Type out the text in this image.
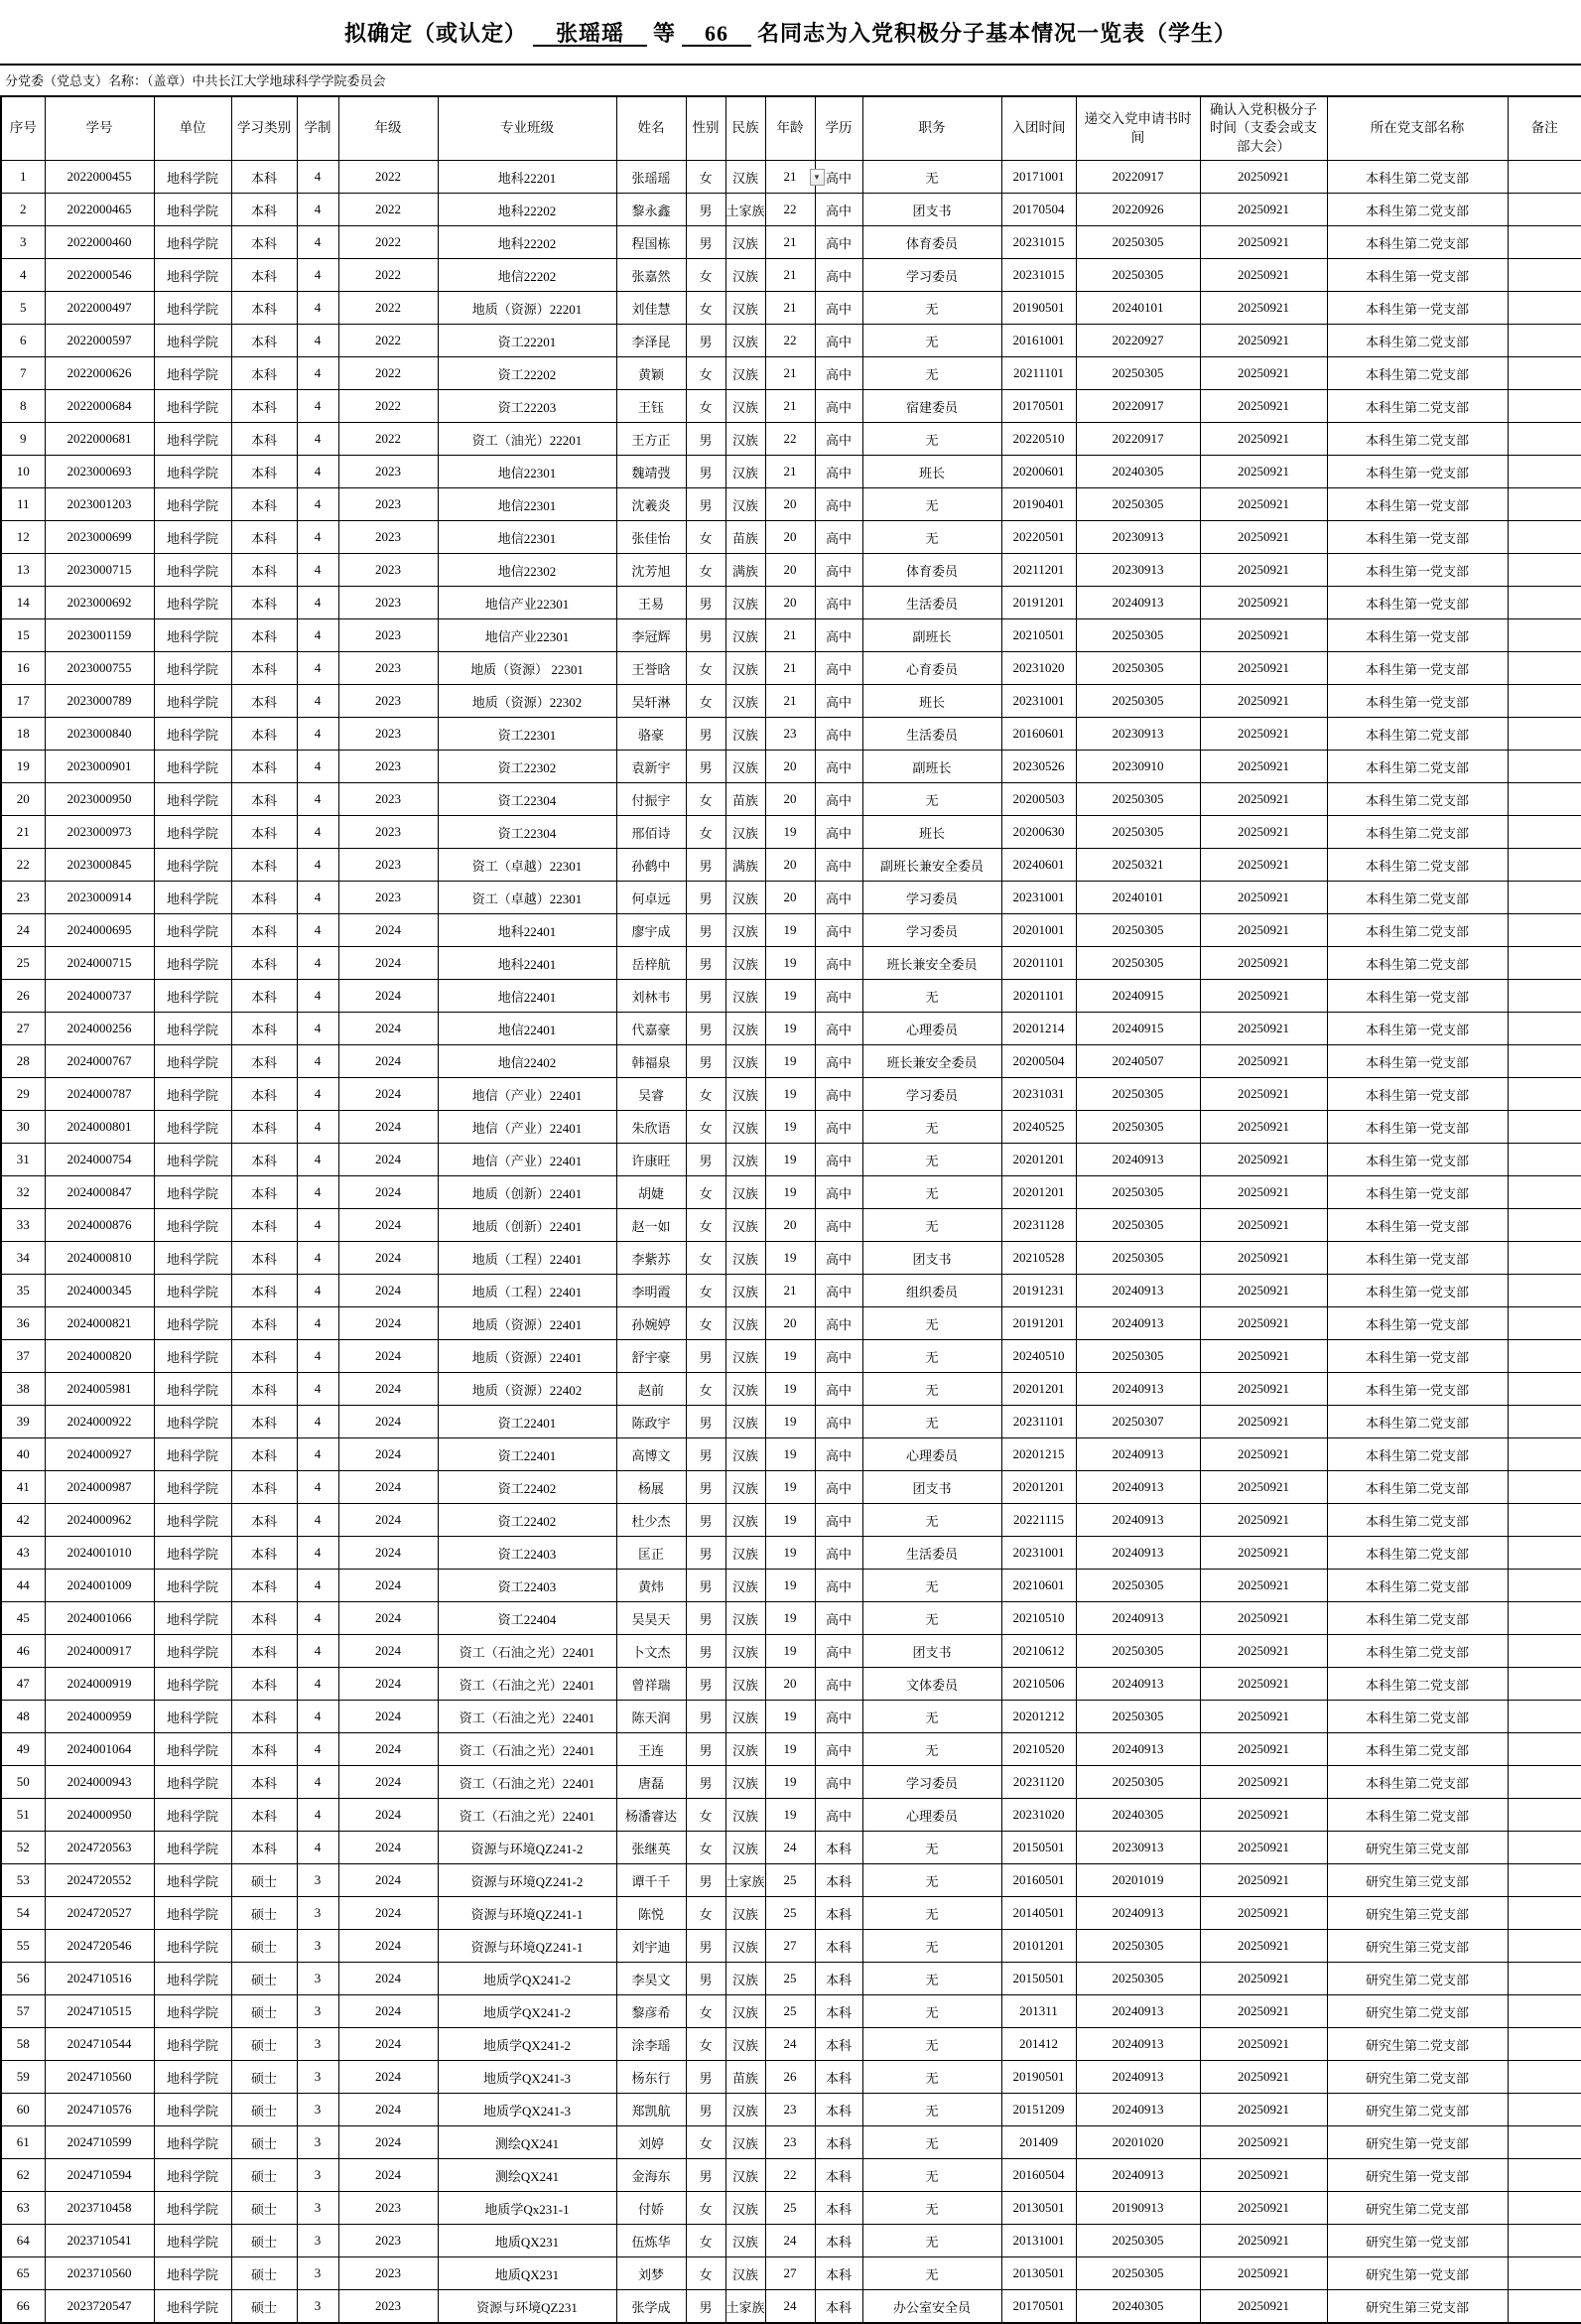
拟确定（或认定） 　张瑶瑶　 等 　66　 名同志为入党积极分子基本情况一览表（学生）
分党委（党总支）名称：（盖章）中共长江大学地球科学学院委员会
序号	学号	单位	学习类别	学制	年级	专业班级	姓名	性别	民族	年龄	学历	职务	入团时间	递交入党申请书时间	确认入党积极分子时间（支委会或支部大会）	所在党支部名称	备注
1	2022000455	地科学院	本科	4	2022	地科22201	张瑶瑶	女	汉族	21 ▼	高中	无	20171001	20220917	20250921	本科生第二党支部	
2	2022000465	地科学院	本科	4	2022	地科22202	黎永鑫	男	土家族	22	高中	团支书	20170504	20220926	20250921	本科生第二党支部	
3	2022000460	地科学院	本科	4	2022	地科22202	程国栋	男	汉族	21	高中	体育委员	20231015	20250305	20250921	本科生第二党支部	
4	2022000546	地科学院	本科	4	2022	地信22202	张嘉然	女	汉族	21	高中	学习委员	20231015	20250305	20250921	本科生第一党支部	
5	2022000497	地科学院	本科	4	2022	地质（资源）22201	刘佳慧	女	汉族	21	高中	无	20190501	20240101	20250921	本科生第一党支部	
6	2022000597	地科学院	本科	4	2022	资工22201	李泽昆	男	汉族	22	高中	无	20161001	20220927	20250921	本科生第二党支部	
7	2022000626	地科学院	本科	4	2022	资工22202	黄颖	女	汉族	21	高中	无	20211101	20250305	20250921	本科生第二党支部	
8	2022000684	地科学院	本科	4	2022	资工22203	王钰	女	汉族	21	高中	宿建委员	20170501	20220917	20250921	本科生第二党支部	
9	2022000681	地科学院	本科	4	2022	资工（油光）22201	王方正	男	汉族	22	高中	无	20220510	20220917	20250921	本科生第二党支部	
10	2023000693	地科学院	本科	4	2023	地信22301	魏靖弢	男	汉族	21	高中	班长	20200601	20240305	20250921	本科生第一党支部	
11	2023001203	地科学院	本科	4	2023	地信22301	沈羲炎	男	汉族	20	高中	无	20190401	20250305	20250921	本科生第一党支部	
12	2023000699	地科学院	本科	4	2023	地信22301	张佳怡	女	苗族	20	高中	无	20220501	20230913	20250921	本科生第一党支部	
13	2023000715	地科学院	本科	4	2023	地信22302	沈芳旭	女	满族	20	高中	体育委员	20211201	20230913	20250921	本科生第一党支部	
14	2023000692	地科学院	本科	4	2023	地信产业22301	王易	男	汉族	20	高中	生活委员	20191201	20240913	20250921	本科生第一党支部	
15	2023001159	地科学院	本科	4	2023	地信产业22301	李冠辉	男	汉族	21	高中	副班长	20210501	20250305	20250921	本科生第一党支部	
16	2023000755	地科学院	本科	4	2023	地质（资源） 22301	王誉晗	女	汉族	21	高中	心育委员	20231020	20250305	20250921	本科生第一党支部	
17	2023000789	地科学院	本科	4	2023	地质（资源）22302	吴轩淋	女	汉族	21	高中	班长	20231001	20250305	20250921	本科生第一党支部	
18	2023000840	地科学院	本科	4	2023	资工22301	骆豪	男	汉族	23	高中	生活委员	20160601	20230913	20250921	本科生第二党支部	
19	2023000901	地科学院	本科	4	2023	资工22302	袁新宇	男	汉族	20	高中	副班长	20230526	20230910	20250921	本科生第二党支部	
20	2023000950	地科学院	本科	4	2023	资工22304	付振宇	女	苗族	20	高中	无	20200503	20250305	20250921	本科生第二党支部	
21	2023000973	地科学院	本科	4	2023	资工22304	邢佰诗	女	汉族	19	高中	班长	20200630	20250305	20250921	本科生第二党支部	
22	2023000845	地科学院	本科	4	2023	资工（卓越）22301	孙鹤中	男	满族	20	高中	副班长兼安全委员	20240601	20250321	20250921	本科生第二党支部	
23	2023000914	地科学院	本科	4	2023	资工（卓越）22301	何卓远	男	汉族	20	高中	学习委员	20231001	20240101	20250921	本科生第二党支部	
24	2024000695	地科学院	本科	4	2024	地科22401	廖宇成	男	汉族	19	高中	学习委员	20201001	20250305	20250921	本科生第二党支部	
25	2024000715	地科学院	本科	4	2024	地科22401	岳梓航	男	汉族	19	高中	班长兼安全委员	20201101	20250305	20250921	本科生第二党支部	
26	2024000737	地科学院	本科	4	2024	地信22401	刘林韦	男	汉族	19	高中	无	20201101	20240915	20250921	本科生第一党支部	
27	2024000256	地科学院	本科	4	2024	地信22401	代嘉豪	男	汉族	19	高中	心理委员	20201214	20240915	20250921	本科生第一党支部	
28	2024000767	地科学院	本科	4	2024	地信22402	韩福泉	男	汉族	19	高中	班长兼安全委员	20200504	20240507	20250921	本科生第一党支部	
29	2024000787	地科学院	本科	4	2024	地信（产业）22401	吴睿	女	汉族	19	高中	学习委员	20231031	20250305	20250921	本科生第一党支部	
30	2024000801	地科学院	本科	4	2024	地信（产业）22401	朱欣语	女	汉族	19	高中	无	20240525	20250305	20250921	本科生第一党支部	
31	2024000754	地科学院	本科	4	2024	地信（产业）22401	许康旺	男	汉族	19	高中	无	20201201	20240913	20250921	本科生第一党支部	
32	2024000847	地科学院	本科	4	2024	地质（创新）22401	胡婕	女	汉族	19	高中	无	20201201	20250305	20250921	本科生第一党支部	
33	2024000876	地科学院	本科	4	2024	地质（创新）22401	赵一如	女	汉族	20	高中	无	20231128	20250305	20250921	本科生第一党支部	
34	2024000810	地科学院	本科	4	2024	地质（工程）22401	李紫苏	女	汉族	19	高中	团支书	20210528	20250305	20250921	本科生第一党支部	
35	2024000345	地科学院	本科	4	2024	地质（工程）22401	李明霞	女	汉族	21	高中	组织委员	20191231	20240913	20250921	本科生第一党支部	
36	2024000821	地科学院	本科	4	2024	地质（资源）22401	孙婉婷	女	汉族	20	高中	无	20191201	20240913	20250921	本科生第一党支部	
37	2024000820	地科学院	本科	4	2024	地质（资源）22401	舒宇豪	男	汉族	19	高中	无	20240510	20250305	20250921	本科生第一党支部	
38	2024005981	地科学院	本科	4	2024	地质（资源）22402	赵前	女	汉族	19	高中	无	20201201	20240913	20250921	本科生第一党支部	
39	2024000922	地科学院	本科	4	2024	资工22401	陈政宇	男	汉族	19	高中	无	20231101	20250307	20250921	本科生第二党支部	
40	2024000927	地科学院	本科	4	2024	资工22401	高博文	男	汉族	19	高中	心理委员	20201215	20240913	20250921	本科生第二党支部	
41	2024000987	地科学院	本科	4	2024	资工22402	杨展	男	汉族	19	高中	团支书	20201201	20240913	20250921	本科生第二党支部	
42	2024000962	地科学院	本科	4	2024	资工22402	杜少杰	男	汉族	19	高中	无	20221115	20240913	20250921	本科生第二党支部	
43	2024001010	地科学院	本科	4	2024	资工22403	匡正	男	汉族	19	高中	生活委员	20231001	20240913	20250921	本科生第二党支部	
44	2024001009	地科学院	本科	4	2024	资工22403	黄炜	男	汉族	19	高中	无	20210601	20250305	20250921	本科生第二党支部	
45	2024001066	地科学院	本科	4	2024	资工22404	吴昊天	男	汉族	19	高中	无	20210510	20240913	20250921	本科生第二党支部	
46	2024000917	地科学院	本科	4	2024	资工（石油之光）22401	卜文杰	男	汉族	19	高中	团支书	20210612	20250305	20250921	本科生第二党支部	
47	2024000919	地科学院	本科	4	2024	资工（石油之光）22401	曾祥瑞	男	汉族	20	高中	文体委员	20210506	20240913	20250921	本科生第二党支部	
48	2024000959	地科学院	本科	4	2024	资工（石油之光）22401	陈天润	男	汉族	19	高中	无	20201212	20250305	20250921	本科生第二党支部	
49	2024001064	地科学院	本科	4	2024	资工（石油之光）22401	王连	男	汉族	19	高中	无	20210520	20240913	20250921	本科生第二党支部	
50	2024000943	地科学院	本科	4	2024	资工（石油之光）22401	唐磊	男	汉族	19	高中	学习委员	20231120	20250305	20250921	本科生第二党支部	
51	2024000950	地科学院	本科	4	2024	资工（石油之光）22401	杨潘睿达	女	汉族	19	高中	心理委员	20231020	20240305	20250921	本科生第二党支部	
52	2024720563	地科学院	本科	4	2024	资源与环境QZ241-2	张继英	女	汉族	24	本科	无	20150501	20230913	20250921	研究生第三党支部	
53	2024720552	地科学院	硕士	3	2024	资源与环境QZ241-2	谭千千	男	土家族	25	本科	无	20160501	20201019	20250921	研究生第三党支部	
54	2024720527	地科学院	硕士	3	2024	资源与环境QZ241-1	陈悦	女	汉族	25	本科	无	20140501	20240913	20250921	研究生第三党支部	
55	2024720546	地科学院	硕士	3	2024	资源与环境QZ241-1	刘宇迪	男	汉族	27	本科	无	20101201	20250305	20250921	研究生第三党支部	
56	2024710516	地科学院	硕士	3	2024	地质学QX241-2	李昊文	男	汉族	25	本科	无	20150501	20250305	20250921	研究生第二党支部	
57	2024710515	地科学院	硕士	3	2024	地质学QX241-2	黎彦希	女	汉族	25	本科	无	201311	20240913	20250921	研究生第二党支部	
58	2024710544	地科学院	硕士	3	2024	地质学QX241-2	涂李瑶	女	汉族	24	本科	无	201412	20240913	20250921	研究生第二党支部	
59	2024710560	地科学院	硕士	3	2024	地质学QX241-3	杨东行	男	苗族	26	本科	无	20190501	20240913	20250921	研究生第二党支部	
60	2024710576	地科学院	硕士	3	2024	地质学QX241-3	郑凯航	男	汉族	23	本科	无	20151209	20240913	20250921	研究生第二党支部	
61	2024710599	地科学院	硕士	3	2024	测绘QX241	刘婷	女	汉族	23	本科	无	201409	20201020	20250921	研究生第一党支部	
62	2024710594	地科学院	硕士	3	2024	测绘QX241	金海东	男	汉族	22	本科	无	20160504	20240913	20250921	研究生第一党支部	
63	2023710458	地科学院	硕士	3	2023	地质学Qx231-1	付娇	女	汉族	25	本科	无	20130501	20190913	20250921	研究生第二党支部	
64	2023710541	地科学院	硕士	3	2023	地质QX231	伍炼华	女	汉族	24	本科	无	20131001	20250305	20250921	研究生第一党支部	
65	2023710560	地科学院	硕士	3	2023	地质QX231	刘梦	女	汉族	27	本科	无	20130501	20250305	20250921	研究生第一党支部	
66	2023720547	地科学院	硕士	3	2023	资源与环境QZ231	张学成	男	土家族	24	本科	办公室安全员	20170501	20240305	20250921	研究生第三党支部	
